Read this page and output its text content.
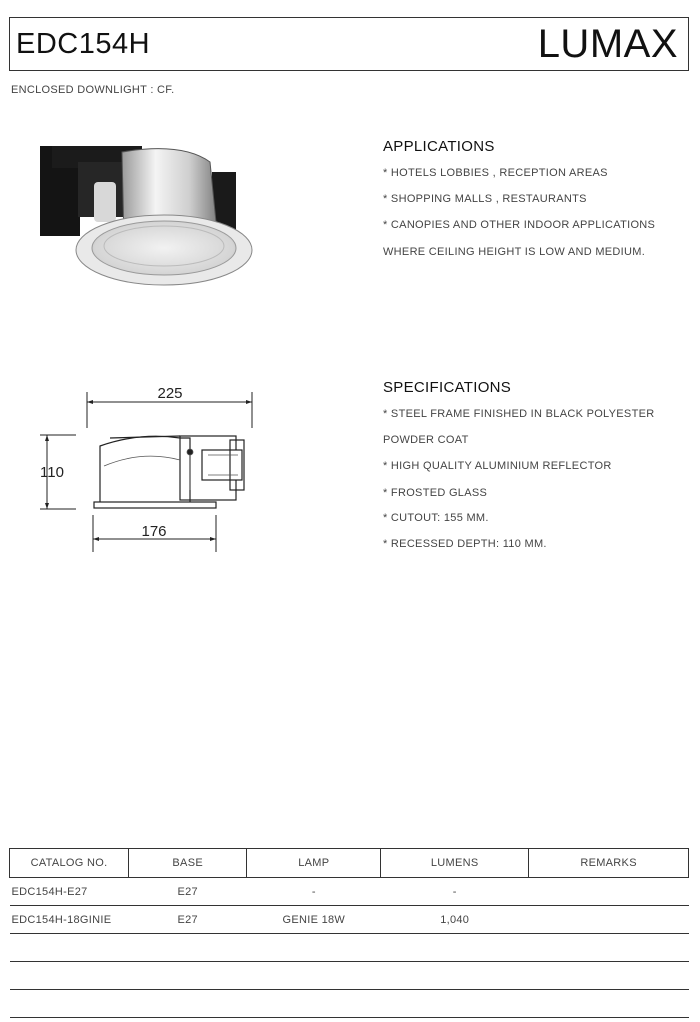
EDC154H	LUMAX
ENCLOSED DOWNLIGHT : CF.
APPLICATIONS
* HOTELS LOBBIES , RECEPTION AREAS
* SHOPPING MALLS , RESTAURANTS
* CANOPIES AND OTHER INDOOR APPLICATIONS
WHERE CEILING HEIGHT IS LOW AND MEDIUM.
225
110
176
SPECIFICATIONS
* STEEL FRAME FINISHED IN BLACK POLYESTER
POWDER COAT
* HIGH QUALITY ALUMINIUM REFLECTOR
* FROSTED GLASS
* CUTOUT: 155 MM.
* RECESSED DEPTH: 110 MM.
CATALOG NO.	BASE	LAMP	LUMENS	REMARKS
EDC154H-E27	E27	-	-	
EDC154H-18GINIE	E27	GENIE 18W	1,040	
